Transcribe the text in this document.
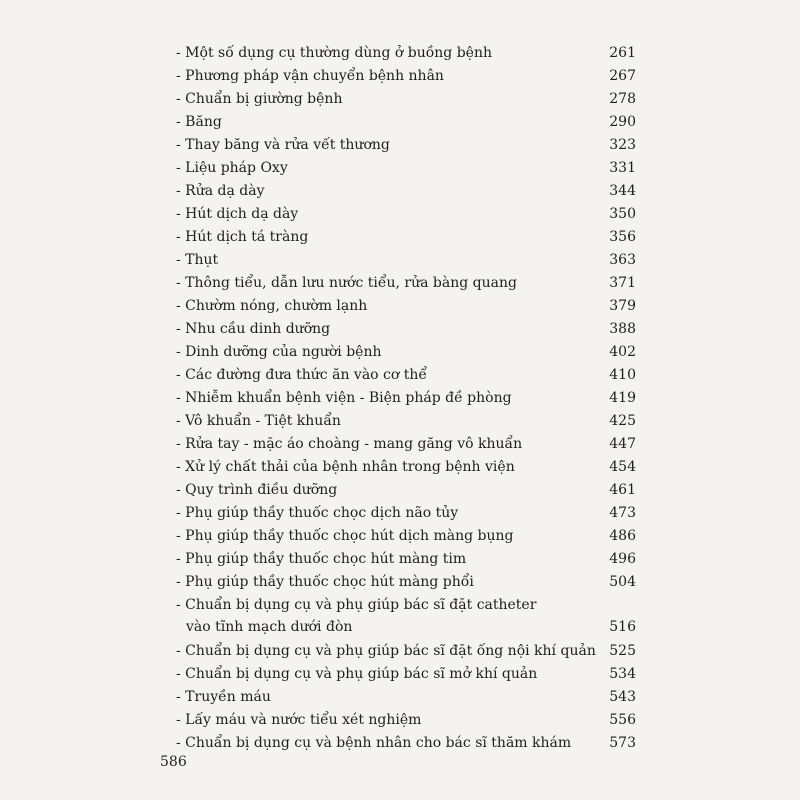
- Một số dụng cụ thường dùng ở buồng bệnh	261
- Phương pháp vận chuyển bệnh nhân	267
- Chuẩn bị giường bệnh	278
- Băng	290
- Thay băng và rửa vết thương	323
- Liệu pháp Oxy	331
- Rửa dạ dày	344
- Hút dịch dạ dày	350
- Hút dịch tá tràng	356
- Thụt	363
- Thông tiểu, dẫn lưu nước tiểu, rửa bàng quang	371
- Chườm nóng, chườm lạnh	379
- Nhu cầu dinh dưỡng	388
- Dinh dưỡng của người bệnh	402
- Các đường đưa thức ăn vào cơ thể	410
- Nhiễm khuẩn bệnh viện - Biện pháp đề phòng	419
- Vô khuẩn - Tiệt khuẩn	425
- Rửa tay - mặc áo choàng - mang găng vô khuẩn	447
- Xử lý chất thải của bệnh nhân trong bệnh viện	454
- Quy trình điều dưỡng	461
- Phụ giúp thầy thuốc chọc dịch não tủy	473
- Phụ giúp thầy thuốc chọc hút dịch màng bụng	486
- Phụ giúp thầy thuốc chọc hút màng tim	496
- Phụ giúp thầy thuốc chọc hút màng phổi	504
- Chuẩn bị dụng cụ và phụ giúp bác sĩ đặt catheter
vào tĩnh mạch dưới đòn	516
- Chuẩn bị dụng cụ và phụ giúp bác sĩ đặt ống nội khí quản 525
- Chuẩn bị dụng cụ và phụ giúp bác sĩ mở khí quản	534
- Truyền máu	543
- Lấy máu và nước tiểu xét nghiệm	556
- Chuẩn bị dụng cụ và bệnh nhân cho bác sĩ thăm khám	573
586
